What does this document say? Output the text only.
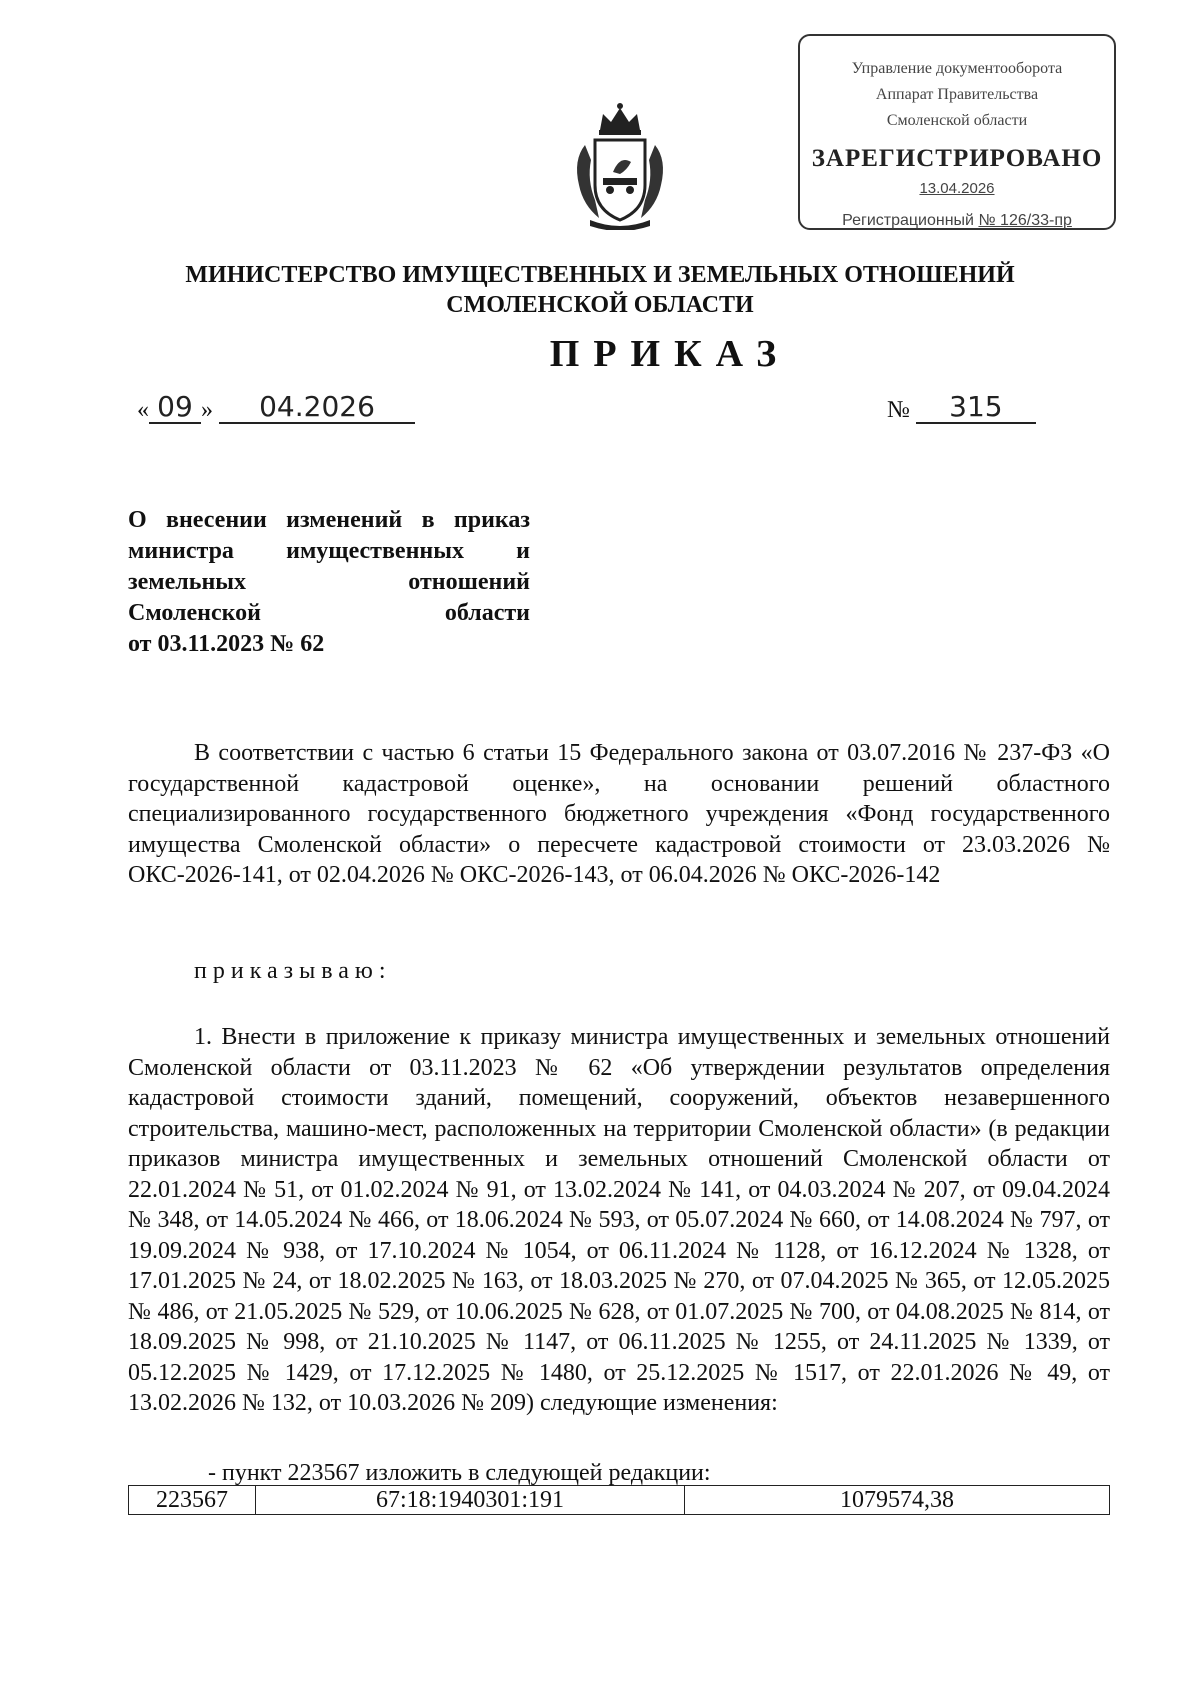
Управление документооборота
Аппарат Правительства
Смоленской области
ЗАРЕГИСТРИРОВАНО
13.04.2026
Регистрационный № 126/33-пр
МИНИСТЕРСТВО ИМУЩЕСТВЕННЫХ И ЗЕМЕЛЬНЫХ ОТНОШЕНИЙ
СМОЛЕНСКОЙ ОБЛАСТИ
ПРИКАЗ
« 09 » 04.2026	№ 315
О внесении изменений в приказ
министра имущественных и
земельных отношений
Смоленской области
от 03.11.2023 № 62
В соответствии с частью 6 статьи 15 Федерального закона от 03.07.2016 № 237-ФЗ «О государственной кадастровой оценке», на основании решений областного специализированного государственного бюджетного учреждения «Фонд государственного имущества Смоленской области» о пересчете кадастровой стоимости от 23.03.2026 № ОКС-2026-141, от 02.04.2026 № ОКС-2026-143, от 06.04.2026 № ОКС-2026-142
приказываю:
1. Внести в приложение к приказу министра имущественных и земельных отношений Смоленской области от 03.11.2023 № 62 «Об утверждении результатов определения кадастровой стоимости зданий, помещений, сооружений, объектов незавершенного строительства, машино-мест, расположенных на территории Смоленской области» (в редакции приказов министра имущественных и земельных отношений Смоленской области от 22.01.2024 № 51, от 01.02.2024 № 91, от 13.02.2024 № 141, от 04.03.2024 № 207, от 09.04.2024 № 348, от 14.05.2024 № 466, от 18.06.2024 № 593, от 05.07.2024 № 660, от 14.08.2024 № 797, от 19.09.2024 № 938, от 17.10.2024 № 1054, от 06.11.2024 № 1128, от 16.12.2024 № 1328, от 17.01.2025 № 24, от 18.02.2025 № 163, от 18.03.2025 № 270, от 07.04.2025 № 365, от 12.05.2025 № 486, от 21.05.2025 № 529, от 10.06.2025 № 628, от 01.07.2025 № 700, от 04.08.2025 № 814, от 18.09.2025 № 998, от 21.10.2025 № 1147, от 06.11.2025 № 1255, от 24.11.2025 № 1339, от 05.12.2025 № 1429, от 17.12.2025 № 1480, от 25.12.2025 № 1517, от 22.01.2026 № 49, от 13.02.2026 № 132, от 10.03.2026 № 209) следующие изменения:
- пункт 223567 изложить в следующей редакции:
223567	67:18:1940301:191	1079574,38
